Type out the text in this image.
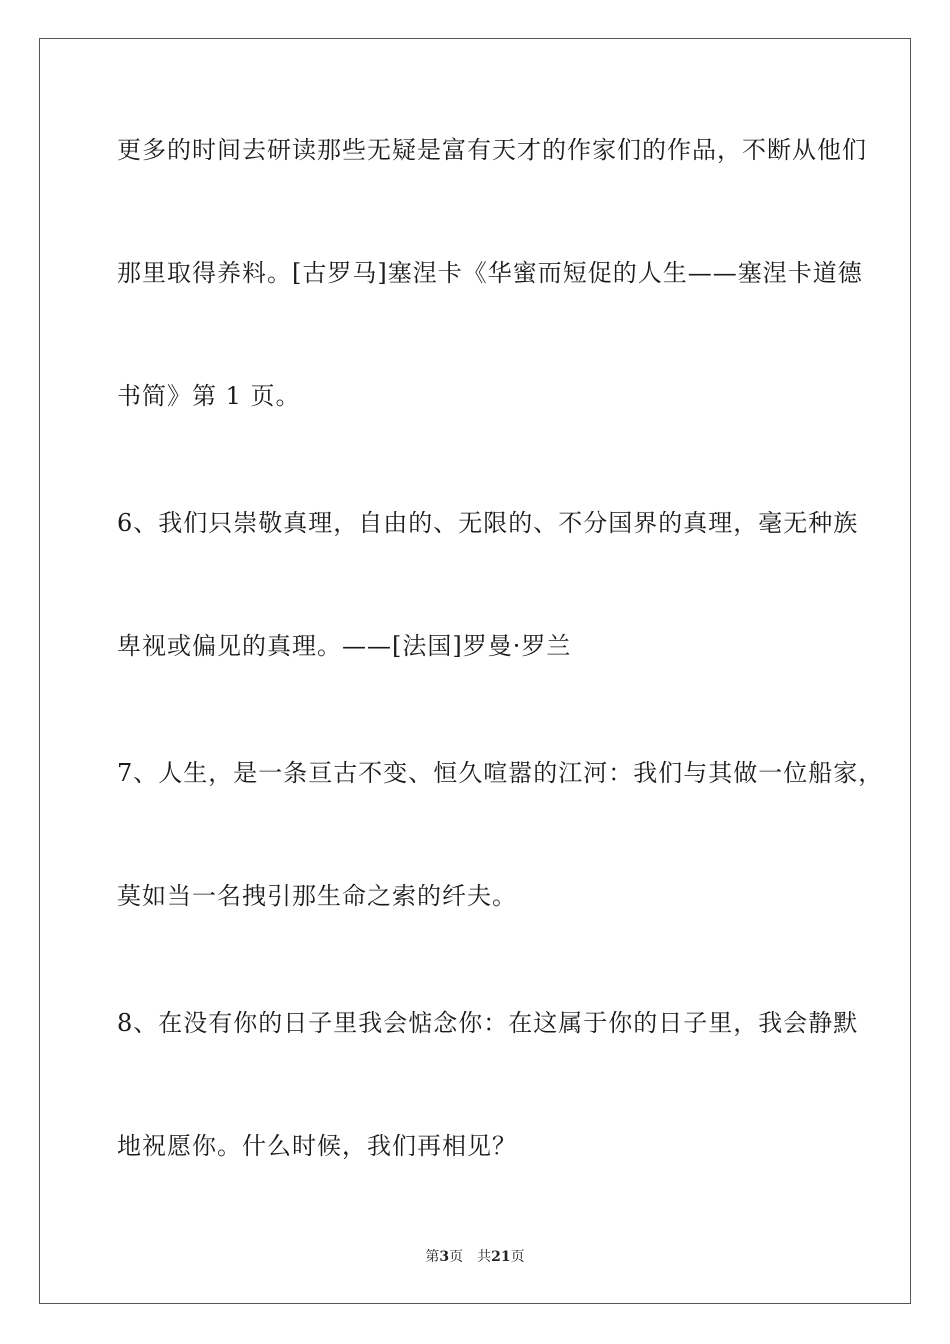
更多的时间去研读那些无疑是富有天才的作家们的作品，不断从他们
那里取得养料。[古罗马]塞涅卡《华蜜而短促的人生——塞涅卡道德
书简》第 1 页。
6、我们只崇敬真理，自由的、无限的、不分国界的真理，毫无种族
卑视或偏见的真理。——[法国]罗曼·罗兰
7、人生，是一条亘古不变、恒久喧嚣的江河：我们与其做一位船家，
莫如当一名拽引那生命之索的纤夫。
8、在没有你的日子里我会惦念你：在这属于你的日子里，我会静默
地祝愿你。什么时候，我们再相见？
第3页 共21页
